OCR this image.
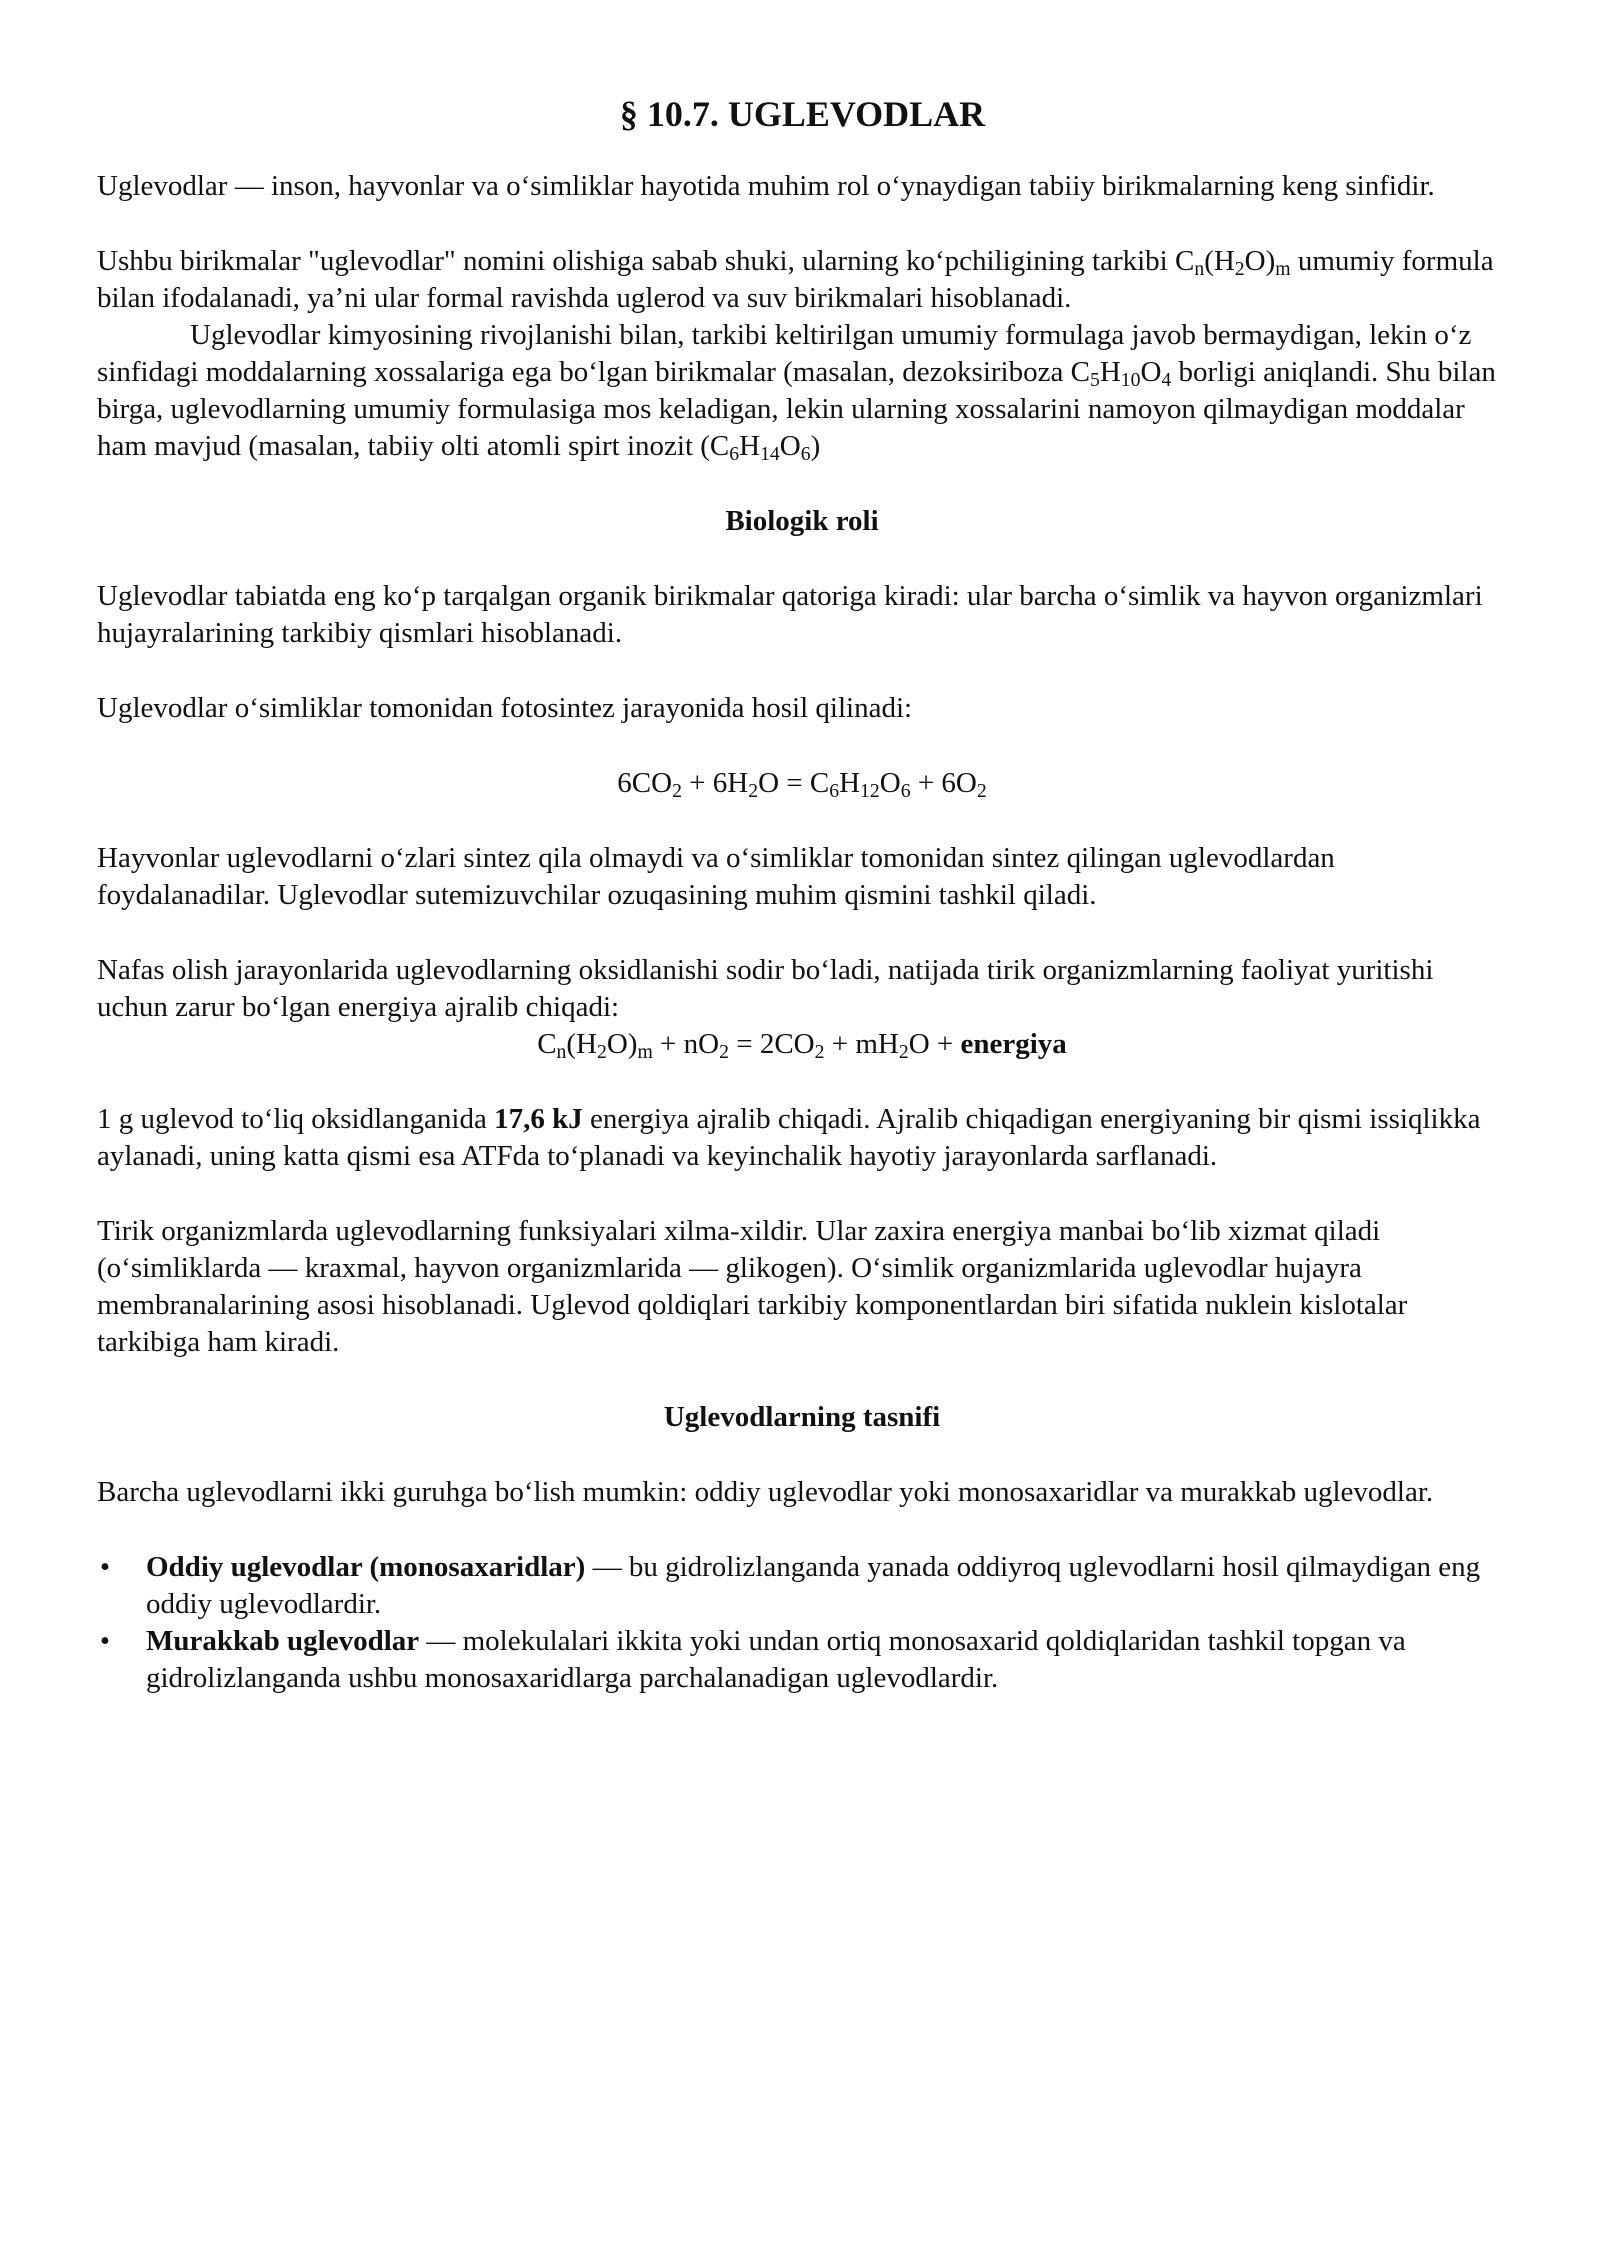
§ 10.7. UGLEVODLAR

Uglevodlar — inson, hayvonlar va o‘simliklar hayotida muhim rol o‘ynaydigan tabiiy birikmalarning keng sinfidir.

Ushbu birikmalar "uglevodlar" nomini olishiga sabab shuki, ularning ko‘pchiligining tarkibi $C_n(H_2O)_m$ umumiy formula bilan ifodalanadi, ya’ni ular formal ravishda uglerod va suv birikmalari hisoblanadi.

Uglevodlar kimyosining rivojlanishi bilan, tarkibi keltirilgan umumiy formulaga javob bermaydigan, lekin o‘z sinfidagi moddalarning xossalariga ega bo‘lgan birikmalar (masalan, dezoksiriboza $C_5H_{10}O_4$ borligi aniqlandi. Shu bilan birga, uglevodlarning umumiy formulasiga mos keladigan, lekin ularning xossalarini namoyon qilmaydigan moddalar ham mavjud (masalan, tabiiy olti atomli spirt inozit $(C_6H_{14}O_6)$

Biologik roli

Uglevodlar tabiatda eng ko‘p tarqalgan organik birikmalar qatoriga kiradi: ular barcha o‘simlik va hayvon organizmlari hujayralarining tarkibiy qismlari hisoblanadi.

Uglevodlar o‘simliklar tomonidan fotosintez jarayonida hosil qilinadi:

$6CO_2 + 6H_2O = C_6H_{12}O_6 + 6O_2$

Hayvonlar uglevodlarni o‘zlari sintez qila olmaydi va o‘simliklar tomonidan sintez qilingan uglevodlardan foydalanadilar. Uglevodlar sutemizuvchilar ozuqasining muhim qismini tashkil qiladi.

Nafas olish jarayonlarida uglevodlarning oksidlanishi sodir bo‘ladi, natijada tirik organizmlarning faoliyat yuritishi uchun zarur bo‘lgan energiya ajralib chiqadi:

$C_n(H_2O)_m + nO_2 = 2CO_2 + mH_2O$ + energiya

1 g uglevod to‘liq oksidlanganida 17,6 kJ energiya ajralib chiqadi. Ajralib chiqadigan energiyaning bir qismi issiqlikka aylanadi, uning katta qismi esa ATFda to‘planadi va keyinchalik hayotiy jarayonlarda sarflanadi.

Tirik organizmlarda uglevodlarning funksiyalari xilma-xildir. Ular zaxira energiya manbai bo‘lib xizmat qiladi (o‘simliklarda — kraxmal, hayvon organizmlarida — glikogen). O‘simlik organizmlarida uglevodlar hujayra membranalarining asosi hisoblanadi. Uglevod qoldiqlari tarkibiy komponentlardan biri sifatida nuklein kislotalar tarkibiga ham kiradi.

Uglevodlarning tasnifi

Barcha uglevodlarni ikki guruhga bo‘lish mumkin: oddiy uglevodlar yoki monosaxaridlar va murakkab uglevodlar.

• Oddiy uglevodlar (monosaxaridlar) — bu gidrolizlanganda yanada oddiyroq uglevodlarni hosil qilmaydigan eng oddiy uglevodlardir.
• Murakkab uglevodlar — molekulalari ikkita yoki undan ortiq monosaxarid qoldiqlaridan tashkil topgan va gidrolizlanganda ushbu monosaxaridlarga parchalanadigan uglevodlardir.
